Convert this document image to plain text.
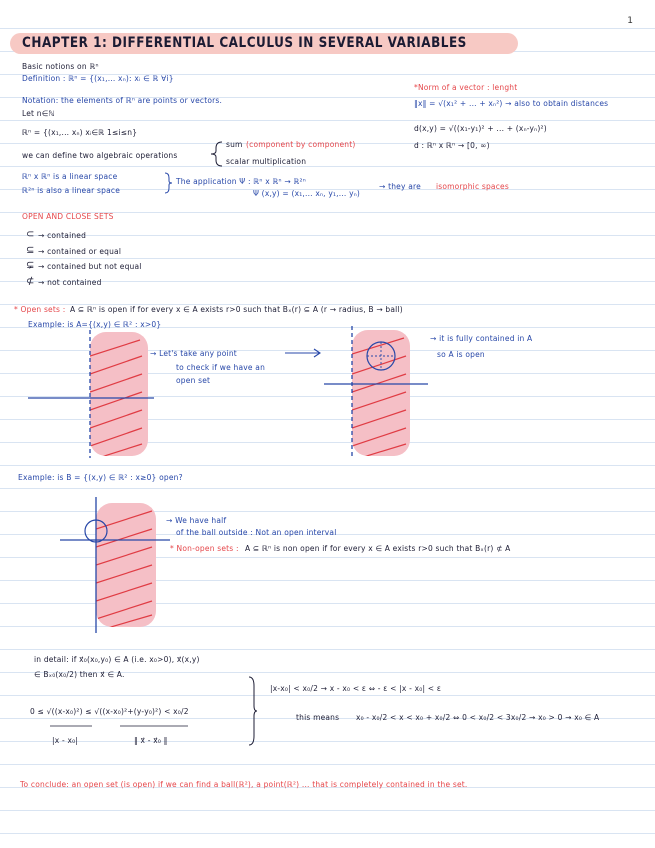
1
CHAPTER 1: DIFFERENTIAL CALCULUS IN SEVERAL VARIABLES
Basic notions on ℝⁿ
Definition : ℝⁿ = {(x₁,... xₙ): xᵢ ∈ ℝ ∀i}
Notation: the elements of ℝⁿ are points or vectors.
Let n∈ℕ
ℝⁿ = {(x₁,... xₙ) xᵢ∈ℝ 1≤i≤n}
we can define two algebraic operations
sum (component by component)
scalar multiplication
ℝⁿ x ℝⁿ is a linear space
ℝ²ⁿ is also a linear space
The application Ψ : ℝⁿ x ℝⁿ → ℝ²ⁿ
Ψ (x,y) = (x₁,... xₙ, y₁,... yₙ)
→ they are isomorphic spaces
*Norm of a vector : lenght
‖x‖ = √(x₁² + ... + xₙ²) → also to obtain distances
d(x,y) = √((x₁-y₁)² + ... + (xₙ-yₙ)²)
d : ℝⁿ x ℝⁿ → [0, ∞)
OPEN AND CLOSE SETS
⊂ → contained
⊆ → contained or equal
⊊ → contained but not equal
⊄ → not contained
* Open sets : A ⊆ ℝⁿ is open if for every x ∈ A exists r>0 such that Bₓ(r) ⊆ A (r → radius, B → ball)
Example: is A={(x,y) ∈ ℝ² : x>0}
→ Let's take any point
to check if we have an
open set
→ it is fully contained in A
so A is open
Example: is B = {(x,y) ∈ ℝ² : x≥0} open?
→ We have half
of the ball outside : Not an open interval
* Non-open sets : A ⊆ ℝⁿ is non open if for every x ∈ A exists r>0 such that Bₓ(r) ⊄ A
in detail: if x⃗₀(x₀,y₀) ∈ A (i.e. x₀>0), x⃗(x,y)
∈ Bₓ₀(x₀/2) then x⃗ ∈ A.
0 ≤ √((x-x₀)²) ≤ √((x-x₀)²+(y-y₀)²) < x₀/2
|x - x₀|	‖ x⃗ - x⃗₀ ‖
|x-x₀| < x₀/2 → x - x₀ < ε ⇔ - ε < |x - x₀| < ε
this means x₀ - x₀/2 < x < x₀ + x₀/2 ⇔ 0 < x₀/2 < 3x₀/2 → x₀ > 0 → x₀ ∈ A
To conclude: an open set (is open) if we can find a ball(ℝ²), a point(ℝ²) ... that is completely contained in the set.
